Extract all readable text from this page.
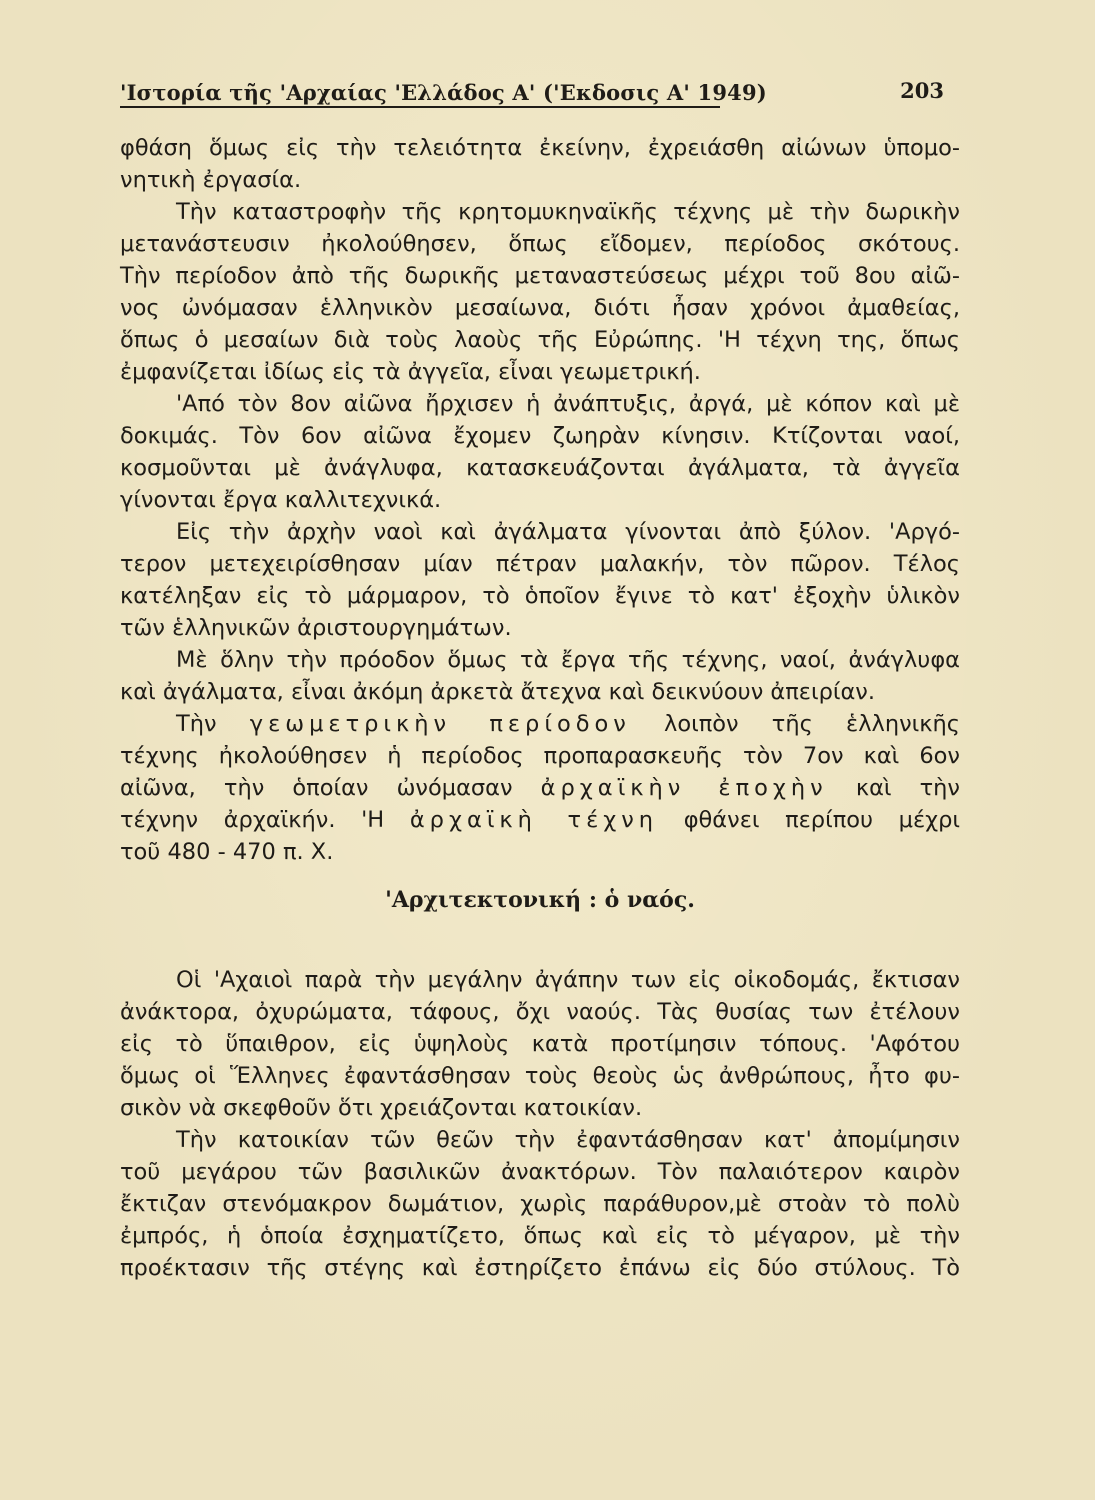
'Ιστορία τῆς 'Αρχαίας 'Ελλάδος Α' ('Εκδοσις Α' 1949)	203
φθάση ὅμως εἰς τὴν τελειότητα ἐκείνην, ἐχρειάσθη αἰώνων ὑπομο-
νητικὴ ἐργασία.
Τὴν καταστροφὴν τῆς κρητομυκηναϊκῆς τέχνης μὲ τὴν δωρικὴν
μετανάστευσιν ἠκολούθησεν, ὅπως εἴδομεν, περίοδος σκότους.
Τὴν περίοδον ἀπὸ τῆς δωρικῆς μεταναστεύσεως μέχρι τοῦ 8ου αἰῶ-
νος ὠνόμασαν ἑλληνικὸν μεσαίωνα, διότι ἦσαν χρόνοι ἀμαθείας,
ὅπως ὁ μεσαίων διὰ τοὺς λαοὺς τῆς Εὐρώπης. 'Η τέχνη της, ὅπως
ἐμφανίζεται ἰδίως εἰς τὰ ἀγγεῖα, εἶναι γεωμετρική.
'Από τὸν 8ον αἰῶνα ἤρχισεν ἡ ἀνάπτυξις, ἀργά, μὲ κόπον καὶ μὲ
δοκιμάς. Τὸν 6ον αἰῶνα ἔχομεν ζωηρὰν κίνησιν. Κτίζονται ναοί,
κοσμοῦνται μὲ ἀνάγλυφα, κατασκευάζονται ἀγάλματα, τὰ ἀγγεῖα
γίνονται ἔργα καλλιτεχνικά.
Εἰς τὴν ἀρχὴν ναοὶ καὶ ἀγάλματα γίνονται ἀπὸ ξύλον. 'Αργό-
τερον μετεχειρίσθησαν μίαν πέτραν μαλακήν, τὸν πῶρον. Τέλος
κατέληξαν εἰς τὸ μάρμαρον, τὸ ὁποῖον ἔγινε τὸ κατ' ἐξοχὴν ὑλικὸν
τῶν ἑλληνικῶν ἀριστουργημάτων.
Μὲ ὅλην τὴν πρόοδον ὅμως τὰ ἔργα τῆς τέχνης, ναοί, ἀνάγλυφα
καὶ ἀγάλματα, εἶναι ἀκόμη ἀρκετὰ ἄτεχνα καὶ δεικνύουν ἀπειρίαν.
Τὴν γεωμετρικὴν περίοδον λοιπὸν τῆς ἑλληνικῆς
τέχνης ἠκολούθησεν ἡ περίοδος προπαρασκευῆς τὸν 7ον καὶ 6ον
αἰῶνα, τὴν ὁποίαν ὠνόμασαν ἀρχαϊκὴν ἐποχὴν καὶ τὴν
τέχνην ἀρχαϊκήν. 'Η ἀρχαϊκὴ τέχνη φθάνει περίπου μέχρι
τοῦ 480 - 470 π. Χ.
'Αρχιτεκτονική : ὁ ναός.
Οἱ 'Αχαιοὶ παρὰ τὴν μεγάλην ἀγάπην των εἰς οἰκοδομάς, ἔκτισαν
ἀνάκτορα, ὀχυρώματα, τάφους, ὄχι ναούς. Τὰς θυσίας των ἐτέλουν
εἰς τὸ ὕπαιθρον, εἰς ὑψηλοὺς κατὰ προτίμησιν τόπους. 'Αφότου
ὅμως οἱ Ἕλληνες ἐφαντάσθησαν τοὺς θεοὺς ὡς ἀνθρώπους, ἦτο φυ-
σικὸν νὰ σκεφθοῦν ὅτι χρειάζονται κατοικίαν.
Τὴν κατοικίαν τῶν θεῶν τὴν ἐφαντάσθησαν κατ' ἀπομίμησιν
τοῦ μεγάρου τῶν βασιλικῶν ἀνακτόρων. Τὸν παλαιότερον καιρὸν
ἔκτιζαν στενόμακρον δωμάτιον, χωρὶς παράθυρον,μὲ στοὰν τὸ πολὺ
ἐμπρός, ἡ ὁποία ἐσχηματίζετο, ὅπως καὶ εἰς τὸ μέγαρον, μὲ τὴν
προέκτασιν τῆς στέγης καὶ ἐστηρίζετο ἐπάνω εἰς δύο στύλους. Τὸ
